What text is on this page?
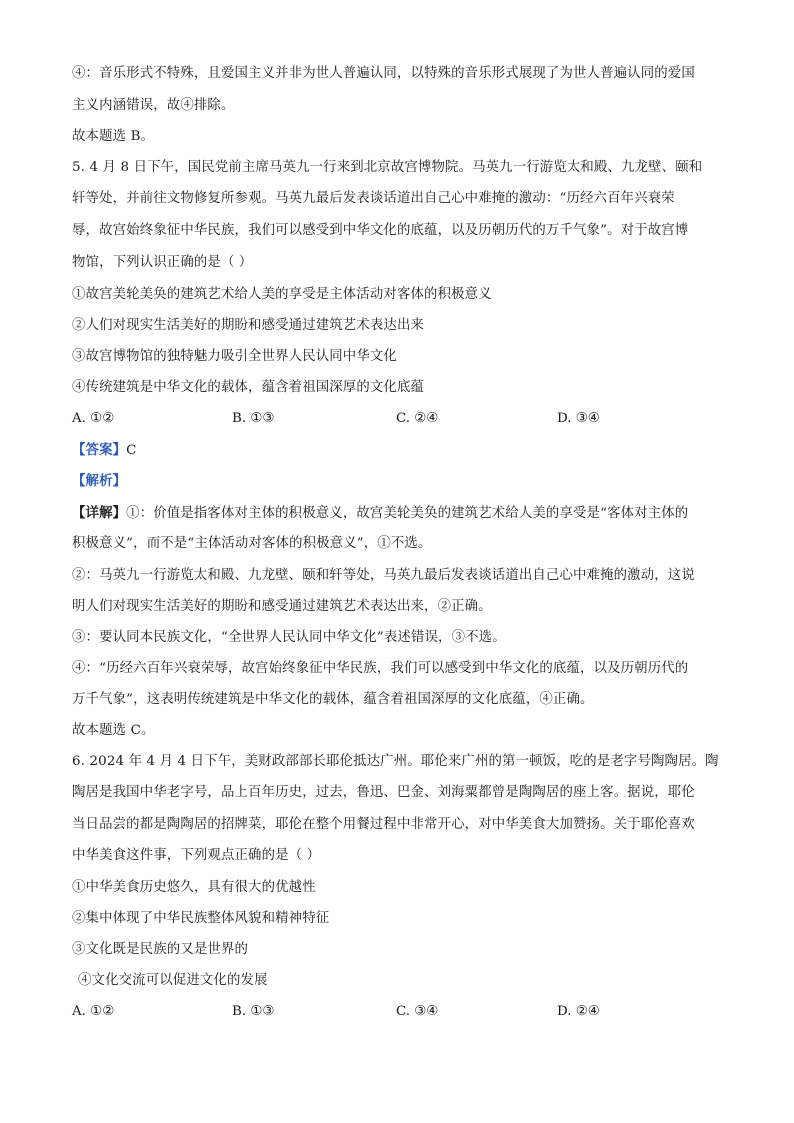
④：音乐形式不特殊，且爱国主义并非为世人普遍认同，以特殊的音乐形式展现了为世人普遍认同的爱国
主义内涵错误，故④排除。
故本题选 B。
5. 4 月 8 日下午，国民党前主席马英九一行来到北京故宫博物院。马英九一行游览太和殿、九龙壁、颐和
轩等处，并前往文物修复所参观。马英九最后发表谈话道出自己心中难掩的激动：“历经六百年兴衰荣
辱，故宫始终象征中华民族，我们可以感受到中华文化的底蕴，以及历朝历代的万千气象”。对于故宫博
物馆，下列认识正确的是（ ）
①故宫美轮美奂的建筑艺术给人美的享受是主体活动对客体的积极意义
②人们对现实生活美好的期盼和感受通过建筑艺术表达出来
③故宫博物馆的独特魅力吸引全世界人民认同中华文化
④传统建筑是中华文化的载体，蕴含着祖国深厚的文化底蕴
A. ①②	B. ①③	C. ②④	D. ③④
【答案】C
【解析】
【详解】①：价值是指客体对主体的积极意义，故宫美轮美奂的建筑艺术给人美的享受是“客体对主体的
积极意义”，而不是“主体活动对客体的积极意义”，①不选。
②：马英九一行游览太和殿、九龙壁、颐和轩等处，马英九最后发表谈话道出自己心中难掩的激动，这说
明人们对现实生活美好的期盼和感受通过建筑艺术表达出来，②正确。
③：要认同本民族文化，“全世界人民认同中华文化”表述错误，③不选。
④：“历经六百年兴衰荣辱，故宫始终象征中华民族，我们可以感受到中华文化的底蕴，以及历朝历代的
万千气象”，这表明传统建筑是中华文化的载体，蕴含着祖国深厚的文化底蕴，④正确。
故本题选 C。
6. 2024 年 4 月 4 日下午，美财政部部长耶伦抵达广州。耶伦来广州的第一顿饭，吃的是老字号陶陶居。陶
陶居是我国中华老字号，品上百年历史，过去，鲁迅、巴金、刘海粟都曾是陶陶居的座上客。据说，耶伦
当日品尝的都是陶陶居的招牌菜，耶伦在整个用餐过程中非常开心，对中华美食大加赞扬。关于耶伦喜欢
中华美食这件事，下列观点正确的是（ ）
①中华美食历史悠久，具有很大的优越性
②集中体现了中华民族整体风貌和精神特征
③文化既是民族的又是世界的
④文化交流可以促进文化的发展
A. ①②	B. ①③	C. ③④	D. ②④
